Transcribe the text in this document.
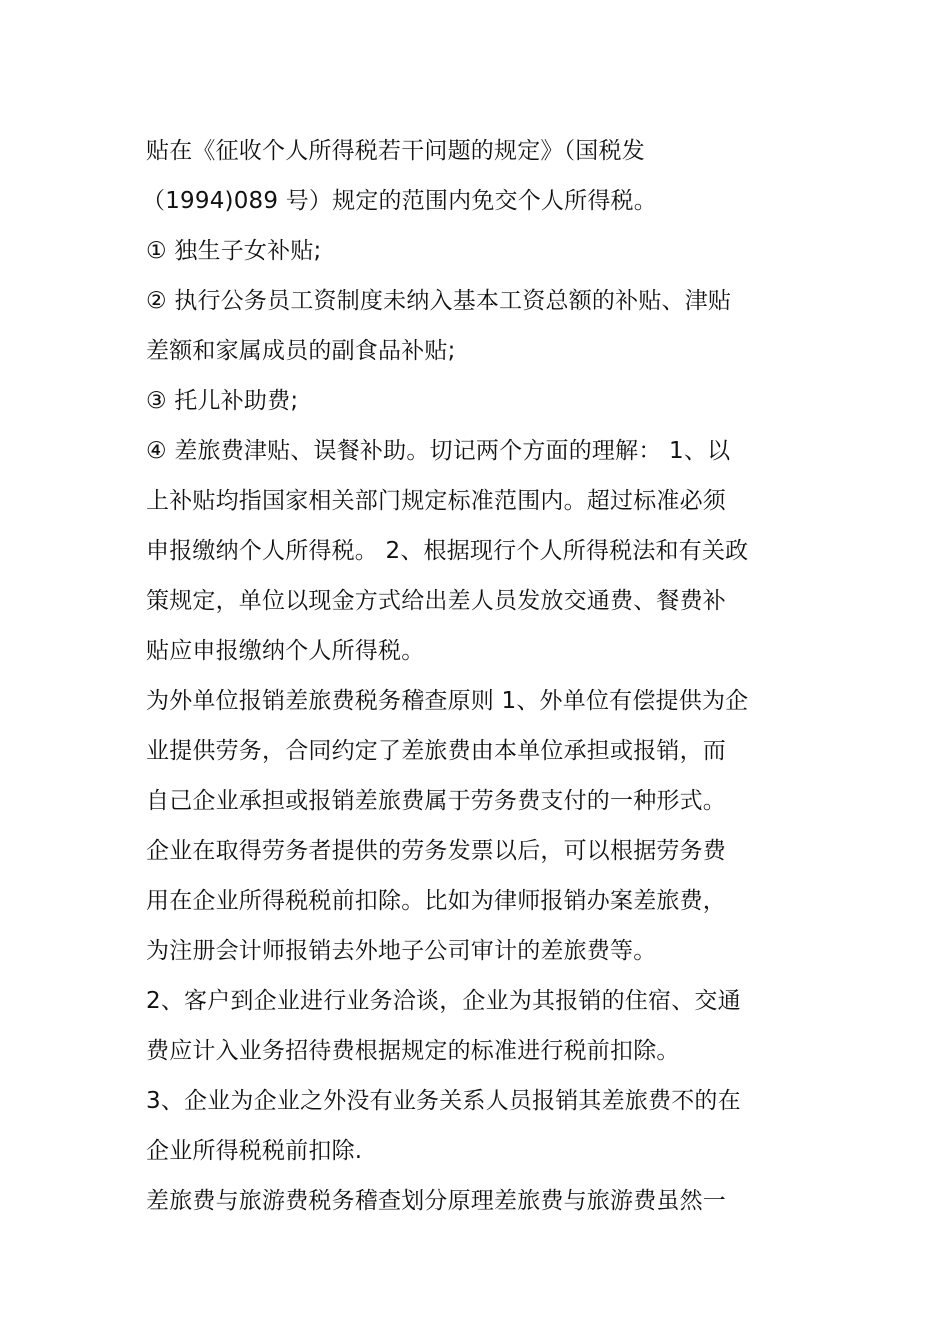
贴在《征收个人所得税若干问题的规定》（国税发
（1994)089 号）规定的范围内免交个人所得税。
① 独生子女补贴;
② 执行公务员工资制度未纳入基本工资总额的补贴、津贴
差额和家属成员的副食品补贴;
③ 托儿补助费;
④ 差旅费津贴、误餐补助。切记两个方面的理解： 1、以
上补贴均指国家相关部门规定标准范围内。超过标准必须
申报缴纳个人所得税。 2、根据现行个人所得税法和有关政
策规定，单位以现金方式给出差人员发放交通费、餐费补
贴应申报缴纳个人所得税。
为外单位报销差旅费税务稽查原则 1、外单位有偿提供为企
业提供劳务，合同约定了差旅费由本单位承担或报销，而
自己企业承担或报销差旅费属于劳务费支付的一种形式。
企业在取得劳务者提供的劳务发票以后，可以根据劳务费
用在企业所得税税前扣除。比如为律师报销办案差旅费，
为注册会计师报销去外地子公司审计的差旅费等。
2、客户到企业进行业务洽谈，企业为其报销的住宿、交通
费应计入业务招待费根据规定的标准进行税前扣除。
3、企业为企业之外没有业务关系人员报销其差旅费不的在
企业所得税税前扣除.
差旅费与旅游费税务稽查划分原理差旅费与旅游费虽然一
